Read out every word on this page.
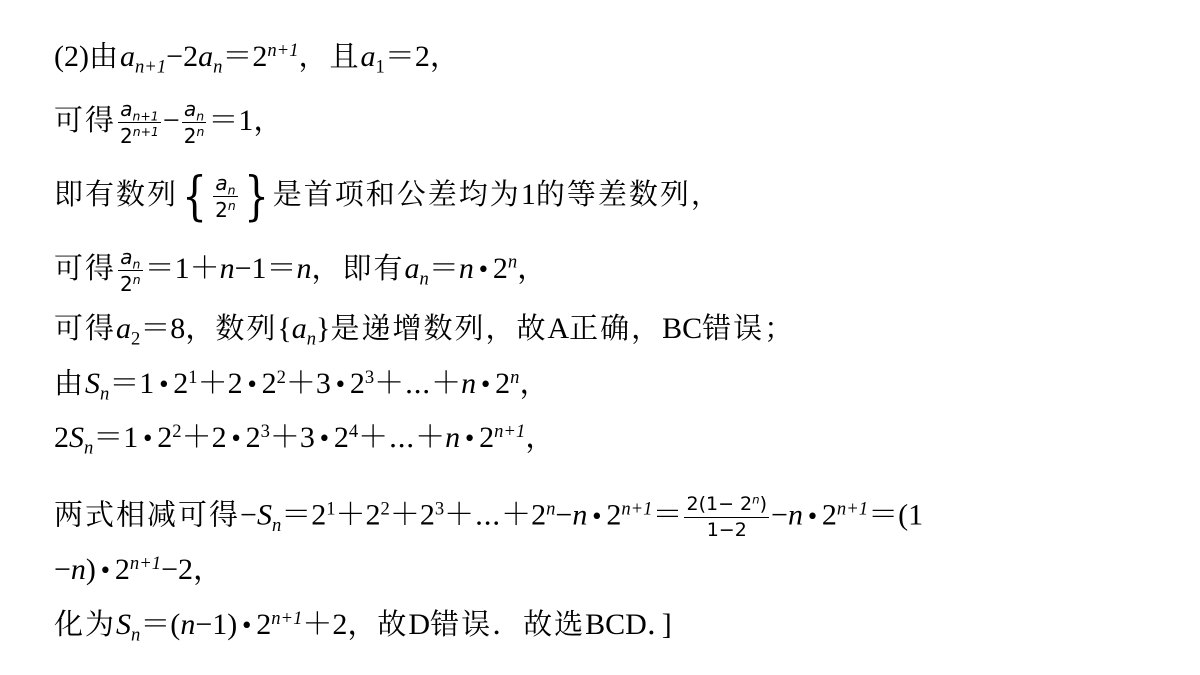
(2)由$a_{n+1}-2a_n=2^{n+1}$，且$a_1=2$，
可得 $\frac{a_{n+1}}{2^{n+1}} - \frac{a_n}{2^n} =1$，
即有数列{ $\frac{a_n}{2^n}$ } 是首项和公差均为1的等差数列，
可得 $\frac{a_n}{2^n} =1+n-1=n$，即有$a_n=n$ • 2$^n$，
可得$a_2=8$，数列$\{a_n\}$是递增数列，故A正确，BC错误；
由$S_n=1$ • $2^1+2$ • $2^2+3$ • $2^3+\cdots+n$ • 2$^n$，
$2S_n=1$ • $2^2+2$ • $2^3+3$ • $2^4+\cdots+n$ • $2^{n+1}$，
两式相减可得$-S_n=2^1+2^2+2^3+\cdots+2^n-n$ • $2^{n+1}= \frac{2(1- 2^n)}{1-2} -n$ • $2^{n+1}=(1$
−n) • $2^{n+1}-2$，
化为$S_n=(n-1)$ • $2^{n+1}+2$，故D错误．故选BCD．]
